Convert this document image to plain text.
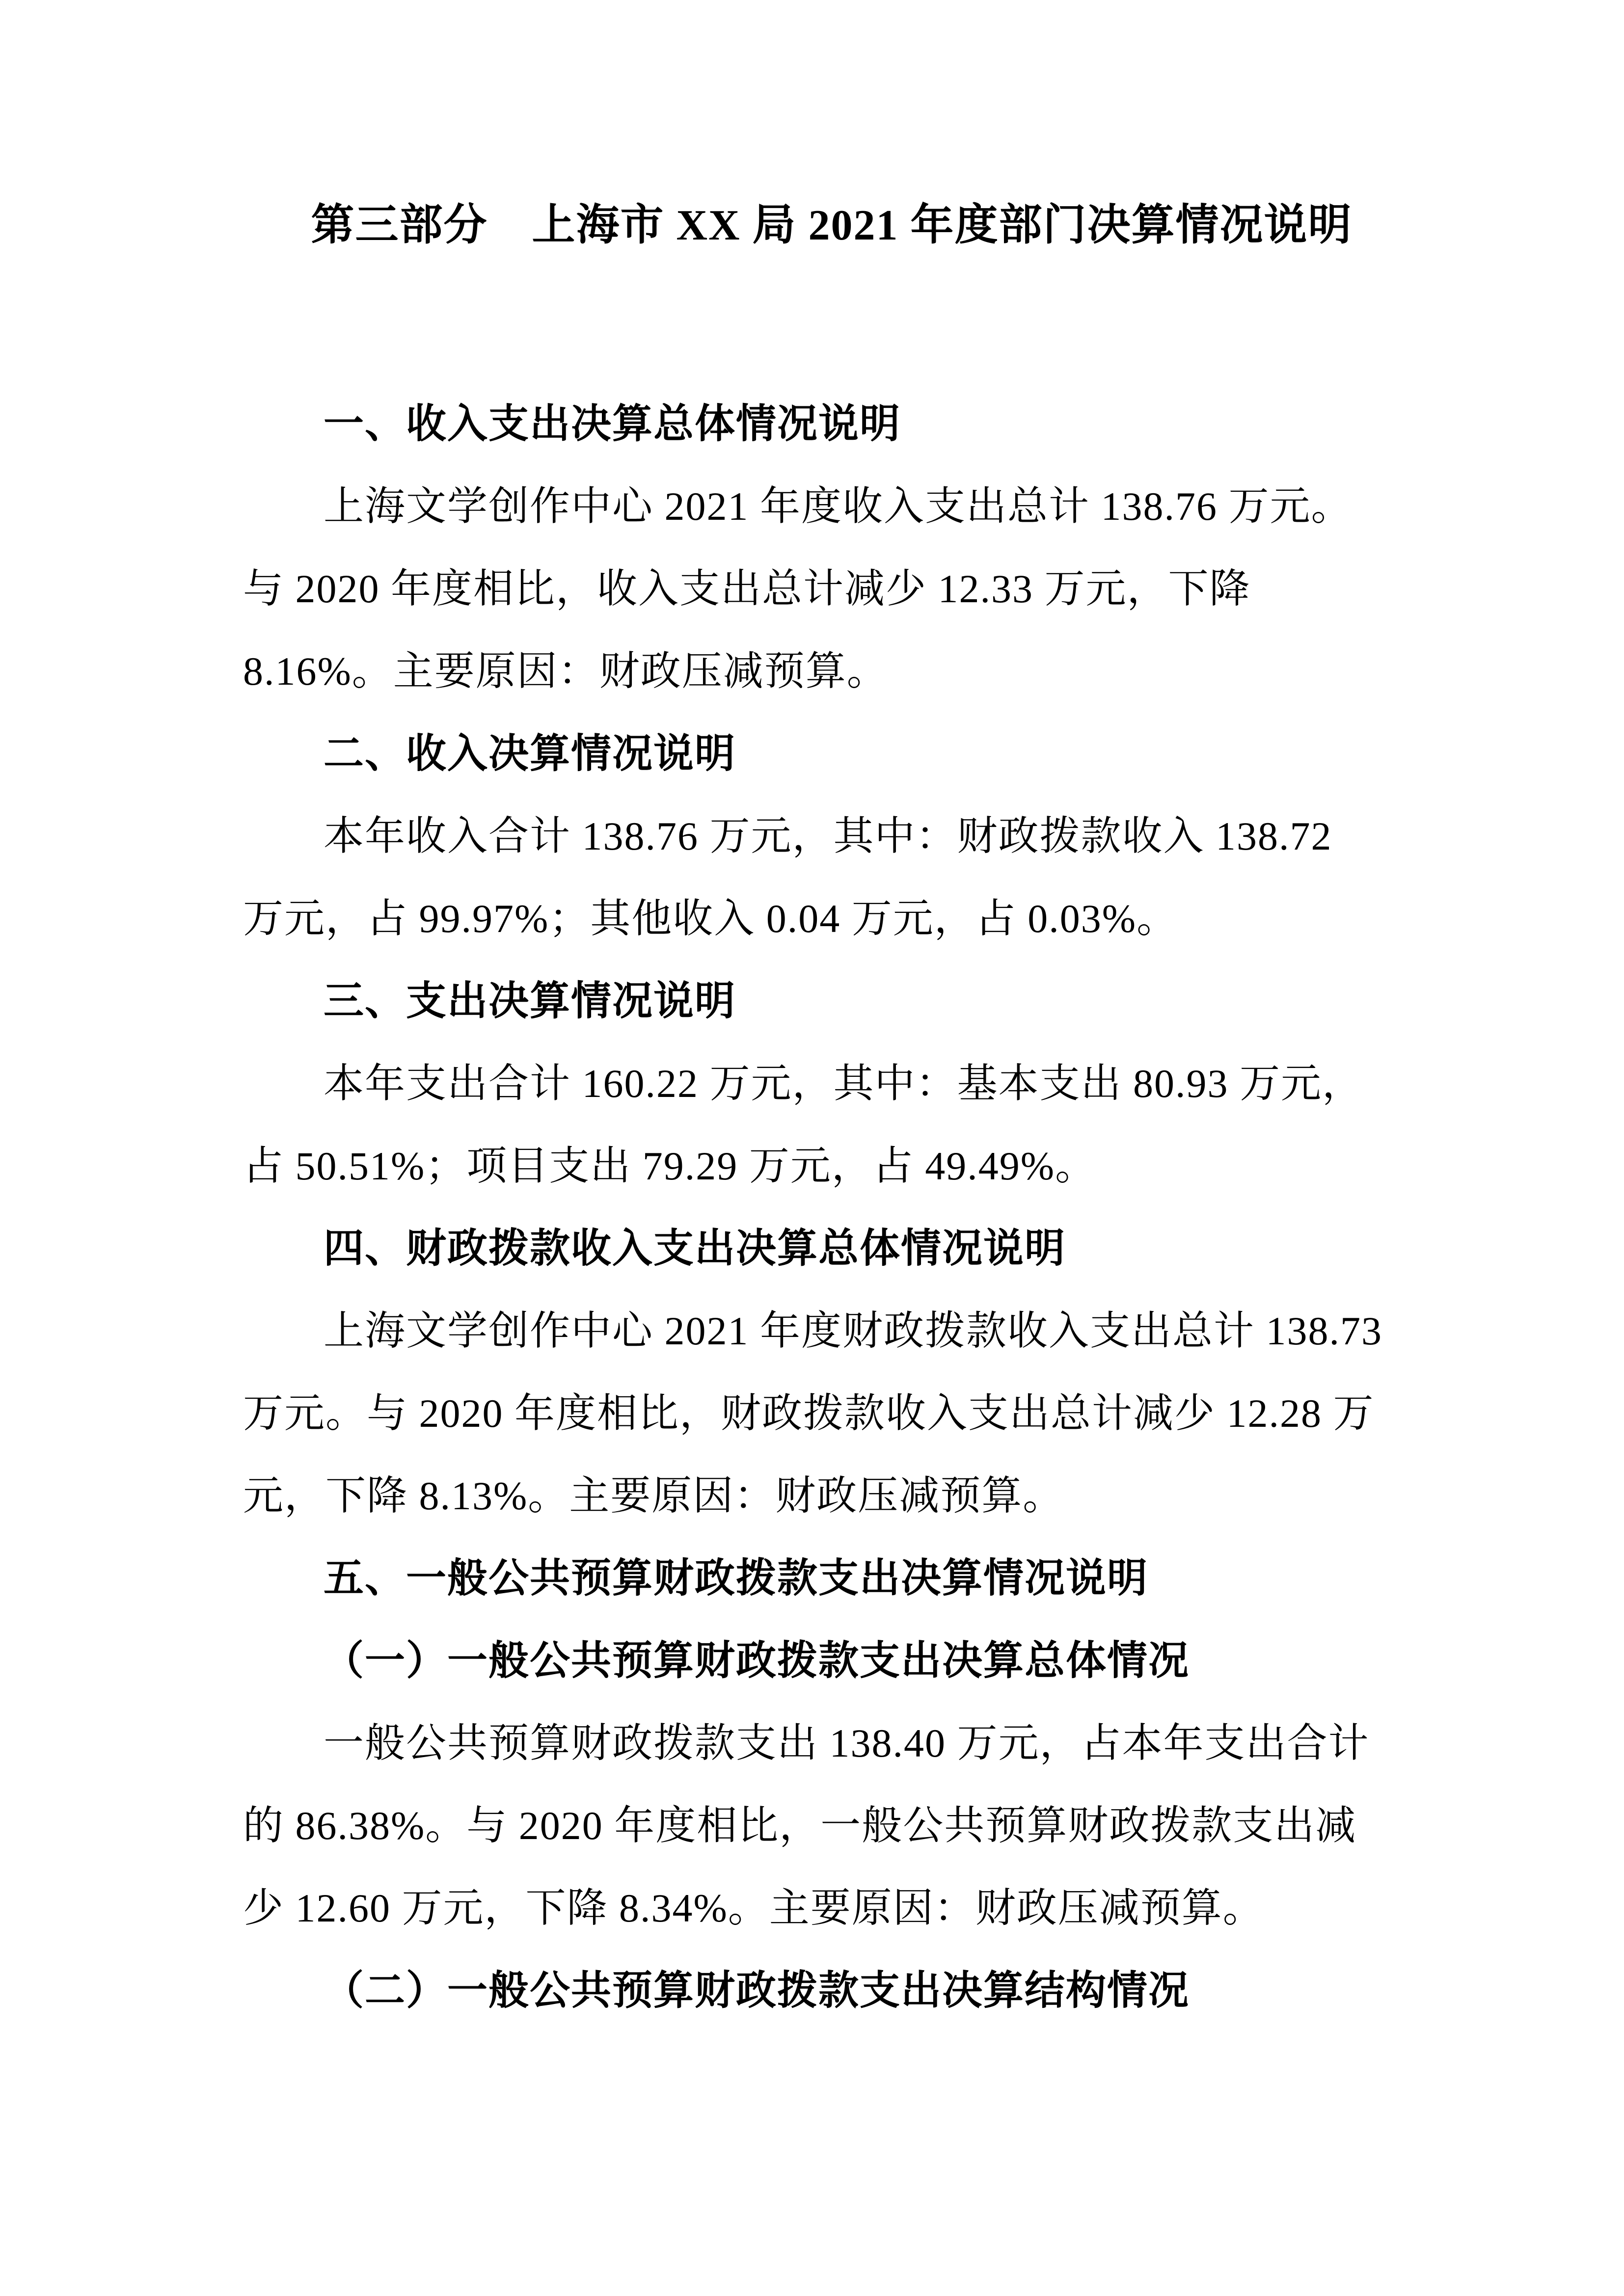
第三部分　上海市 XX 局 2021 年度部门决算情况说明
一、收入支出决算总体情况说明
上海文学创作中心 2021 年度收入支出总计 138.76 万元。
与 2020 年度相比，收入支出总计减少 12.33 万元，下降
8.16%。主要原因：财政压减预算。
二、收入决算情况说明
本年收入合计 138.76 万元，其中：财政拨款收入 138.72
万元，占 99.97%；其他收入 0.04 万元，占 0.03%。
三、支出决算情况说明
本年支出合计 160.22 万元，其中：基本支出 80.93 万元，
占 50.51%；项目支出 79.29 万元，占 49.49%。
四、财政拨款收入支出决算总体情况说明
上海文学创作中心 2021 年度财政拨款收入支出总计 138.73
万元。与 2020 年度相比，财政拨款收入支出总计减少 12.28 万
元，下降 8.13%。主要原因：财政压减预算。
五、一般公共预算财政拨款支出决算情况说明
（一）一般公共预算财政拨款支出决算总体情况
一般公共预算财政拨款支出 138.40 万元，占本年支出合计
的 86.38%。与 2020 年度相比，一般公共预算财政拨款支出减
少 12.60 万元，下降 8.34%。主要原因：财政压减预算。
（二）一般公共预算财政拨款支出决算结构情况
